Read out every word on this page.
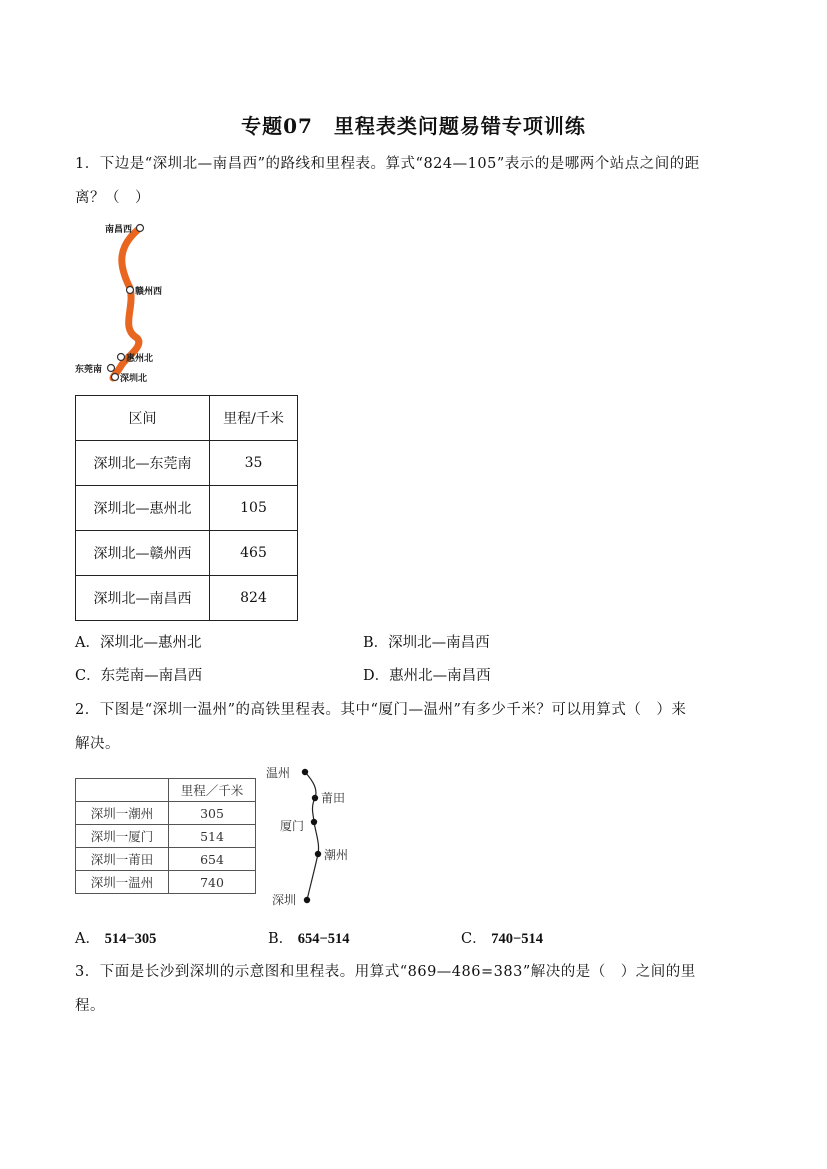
专题07　里程表类问题易错专项训练
1．下边是“深圳北—南昌西”的路线和里程表。算式“824—105”表示的是哪两个站点之间的距
离？（　）
南昌西
赣州西
惠州北
东莞南
深圳北
区间	里程/千米
深圳北—东莞南	35
深圳北—惠州北	105
深圳北—赣州西	465
深圳北—南昌西	824
A．深圳北—惠州北	B．深圳北—南昌西
C．东莞南—南昌西	D．惠州北—南昌西
2．下图是“深圳一温州”的高铁里程表。其中“厦门—温州”有多少千米？可以用算式（　）来
解决。
	里程／千米
深圳一潮州	305
深圳一厦门	514
深圳一莆田	654
深圳一温州	740
温州
莆田
厦门
潮州
深圳
A． 514−305	B． 654−514	C． 740−514
3．下面是长沙到深圳的示意图和里程表。用算式“869—486=383”解决的是（　）之间的里
程。
